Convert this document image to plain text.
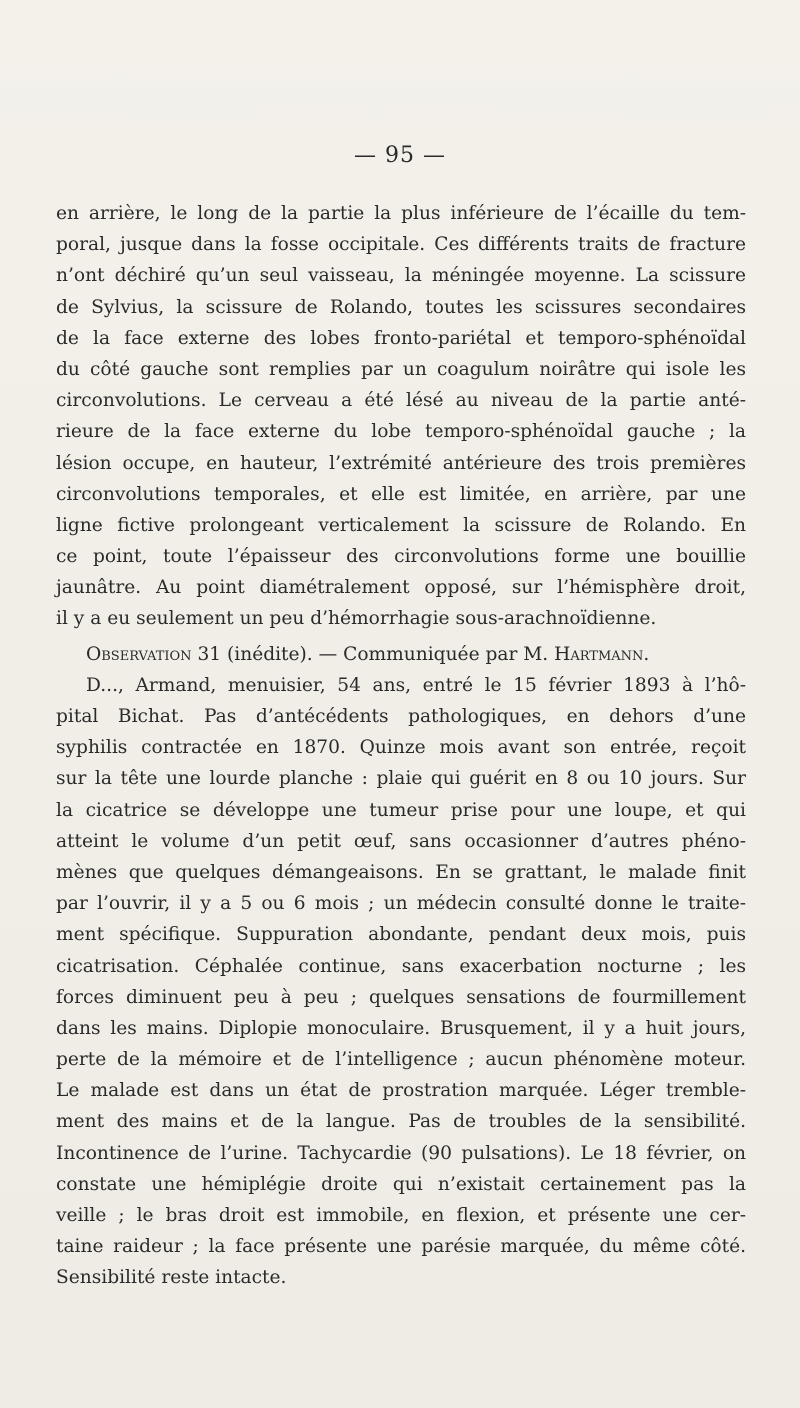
— 95 —
en arrière, le long de la partie la plus inférieure de l’écaille du tem-
poral, jusque dans la fosse occipitale. Ces différents traits de fracture
n’ont déchiré qu’un seul vaisseau, la méningée moyenne. La scissure
de Sylvius, la scissure de Rolando, toutes les scissures secondaires
de la face externe des lobes fronto-pariétal et temporo-sphénoïdal
du côté gauche sont remplies par un coagulum noirâtre qui isole les
circonvolutions. Le cerveau a été lésé au niveau de la partie anté-
rieure de la face externe du lobe temporo-sphénoïdal gauche ; la
lésion occupe, en hauteur, l’extrémité antérieure des trois premières
circonvolutions temporales, et elle est limitée, en arrière, par une
ligne fictive prolongeant verticalement la scissure de Rolando. En
ce point, toute l’épaisseur des circonvolutions forme une bouillie
jaunâtre. Au point diamétralement opposé, sur l’hémisphère droit,
il y a eu seulement un peu d’hémorrhagie sous-arachnoïdienne.
Observation 31 (inédite). — Communiquée par M. Hartmann.
D..., Armand, menuisier, 54 ans, entré le 15 février 1893 à l’hô-
pital Bichat. Pas d’antécédents pathologiques, en dehors d’une
syphilis contractée en 1870. Quinze mois avant son entrée, reçoit
sur la tête une lourde planche : plaie qui guérit en 8 ou 10 jours. Sur
la cicatrice se développe une tumeur prise pour une loupe, et qui
atteint le volume d’un petit œuf, sans occasionner d’autres phéno-
mènes que quelques démangeaisons. En se grattant, le malade finit
par l’ouvrir, il y a 5 ou 6 mois ; un médecin consulté donne le traite-
ment spécifique. Suppuration abondante, pendant deux mois, puis
cicatrisation. Céphalée continue, sans exacerbation nocturne ; les
forces diminuent peu à peu ; quelques sensations de fourmillement
dans les mains. Diplopie monoculaire. Brusquement, il y a huit jours,
perte de la mémoire et de l’intelligence ; aucun phénomène moteur.
Le malade est dans un état de prostration marquée. Léger tremble-
ment des mains et de la langue. Pas de troubles de la sensibilité.
Incontinence de l’urine. Tachycardie (90 pulsations). Le 18 février, on
constate une hémiplégie droite qui n’existait certainement pas la
veille ; le bras droit est immobile, en flexion, et présente une cer-
taine raideur ; la face présente une parésie marquée, du même côté.
Sensibilité reste intacte.
